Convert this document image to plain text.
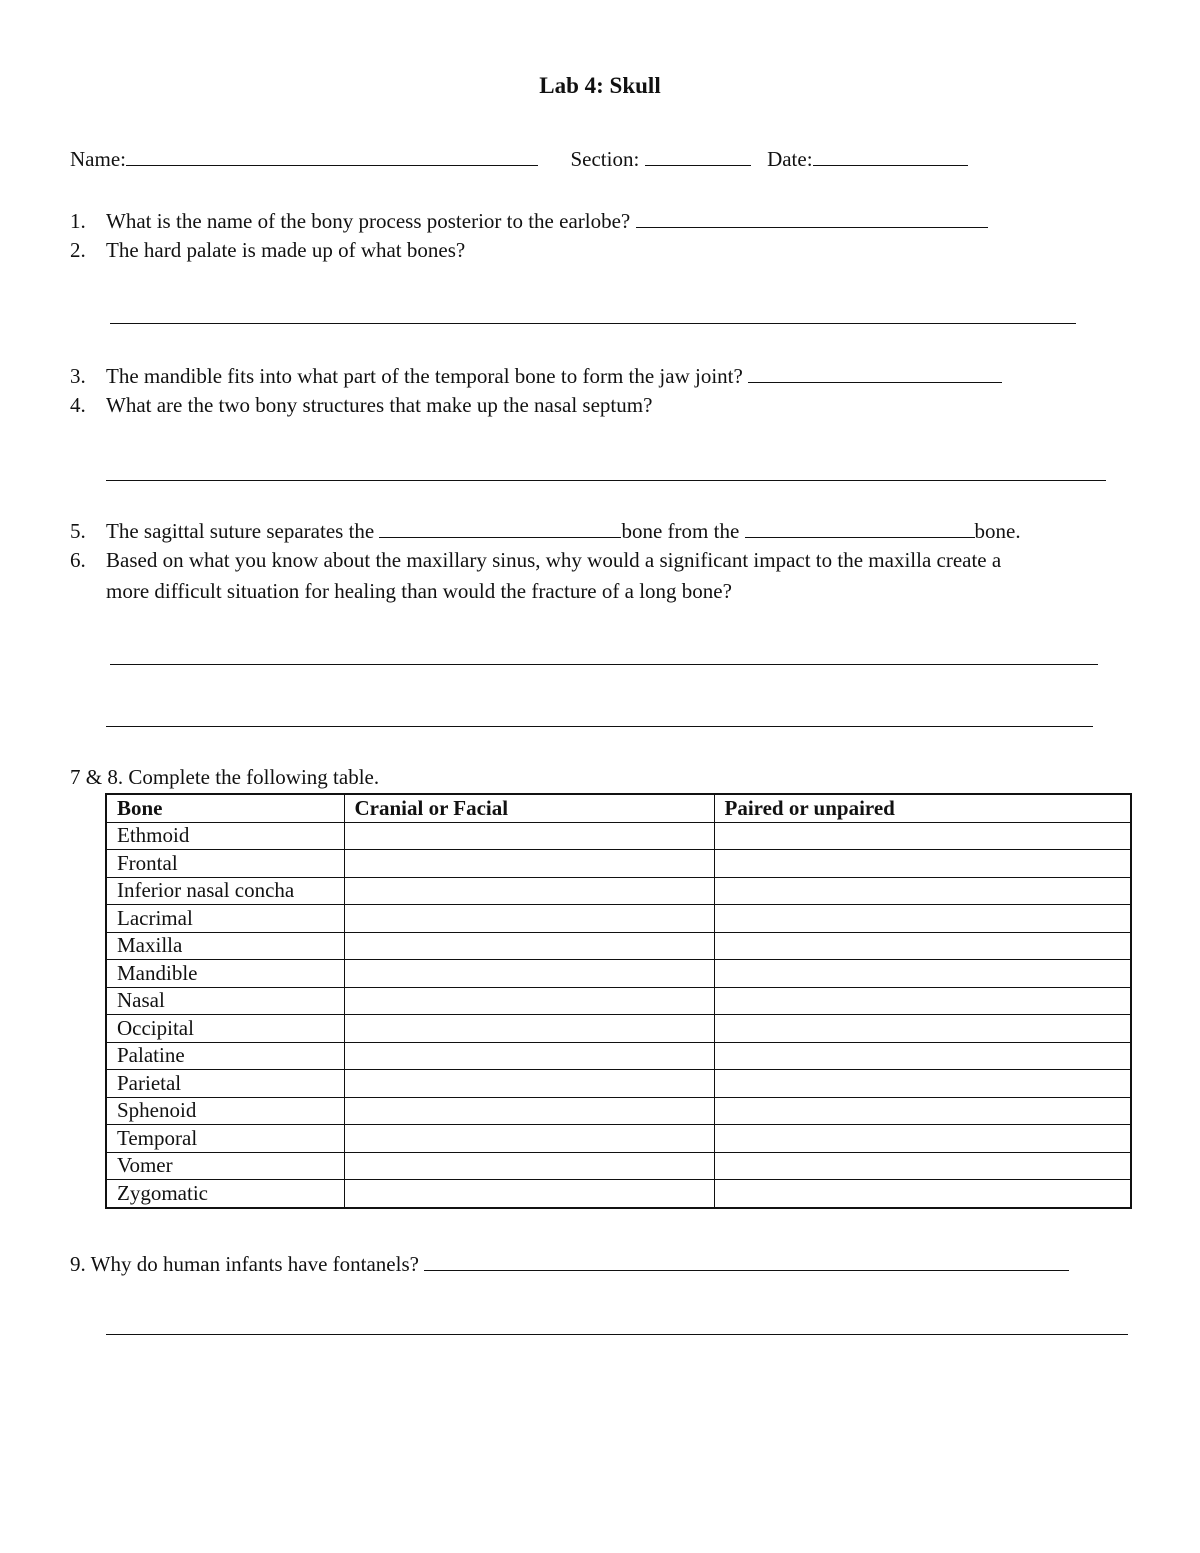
Lab 4: Skull
Name:	Section:	Date:
1. What is the name of the bony process posterior to the earlobe?
2. The hard palate is made up of what bones?
3. The mandible fits into what part of the temporal bone to form the jaw joint?
4. What are the two bony structures that make up the nasal septum?
5. The sagittal suture separates the	bone from the	bone.
6. Based on what you know about the maxillary sinus, why would a significant impact to the maxilla create a
more difficult situation for healing than would the fracture of a long bone?
7 & 8. Complete the following table.
Bone	Cranial or Facial	Paired or unpaired
Ethmoid		
Frontal		
Inferior nasal concha		
Lacrimal		
Maxilla		
Mandible		
Nasal		
Occipital		
Palatine		
Parietal		
Sphenoid		
Temporal		
Vomer		
Zygomatic		
9. Why do human infants have fontanels?
